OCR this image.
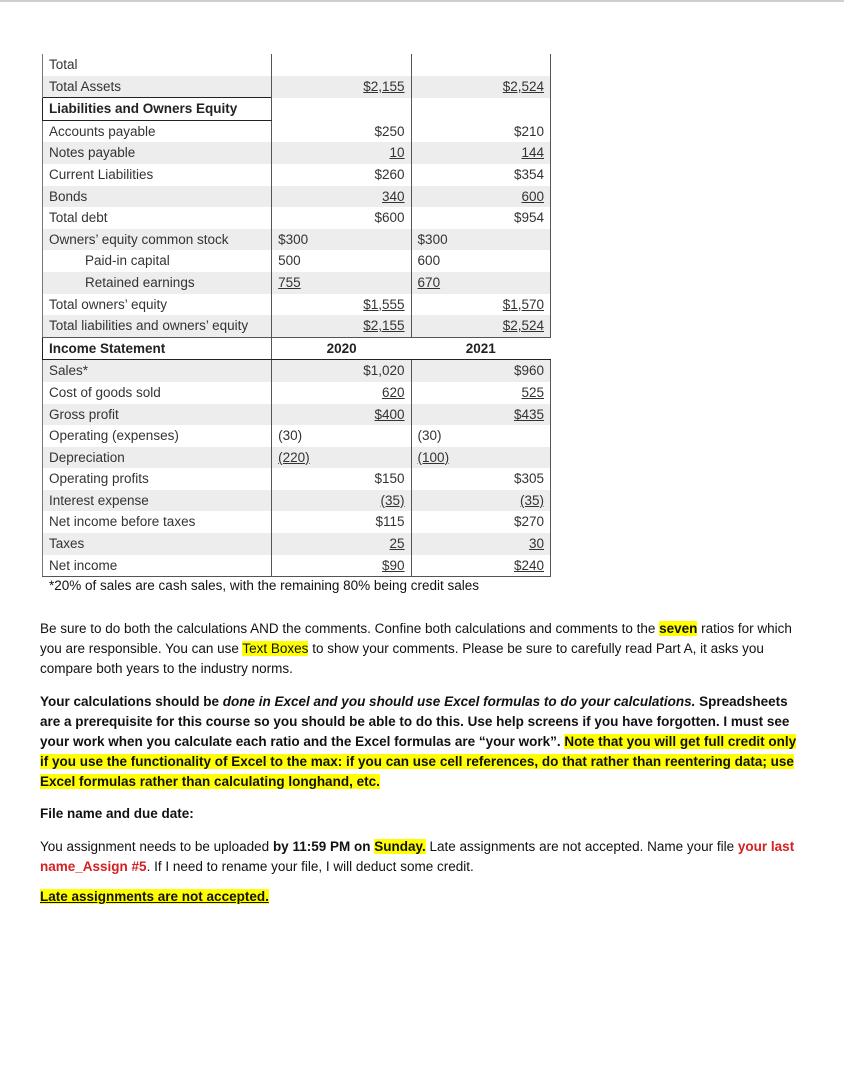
Total				
Total Assets		$2,155		$2,524
Liabilities and Owners Equity				
Accounts payable		$250		$210
Notes payable		10		144
Current Liabilities		$260		$354
Bonds		340		600
Total debt		$600		$954
Owners’ equity common stock	$300		$300	
Paid-in capital	500		600	
Retained earnings	755		670	
Total owners’ equity		$1,555		$1,570
Total liabilities and owners’ equity		$2,155		$2,524
Income Statement	2020		2021	
Sales*		$1,020		$960
Cost of goods sold		620		525
Gross profit		$400		$435
Operating (expenses)	(30)		(30)	
Depreciation	(220)		(100)	
Operating profits		$150		$305
Interest expense		(35)		(35)
Net income before taxes		$115		$270
Taxes		25		30
Net income		$90		$240
*20% of sales are cash sales, with the remaining 80% being credit sales
Be sure to do both the calculations AND the comments. Confine both calculations and comments to the seven ratios for which you are responsible. You can use Text Boxes to show your comments. Please be sure to carefully read Part A, it asks you compare both years to the industry norms.
Your calculations should be done in Excel and you should use Excel formulas to do your calculations. Spreadsheets are a prerequisite for this course so you should be able to do this. Use help screens if you have forgotten. I must see your work when you calculate each ratio and the Excel formulas are “your work”. Note that you will get full credit only if you use the functionality of Excel to the max: if you can use cell references, do that rather than reentering data; use Excel formulas rather than calculating longhand, etc.
File name and due date:
You assignment needs to be uploaded by 11:59 PM on Sunday. Late assignments are not accepted. Name your file your last name_Assign #5. If I need to rename your file, I will deduct some credit.
Late assignments are not accepted.
